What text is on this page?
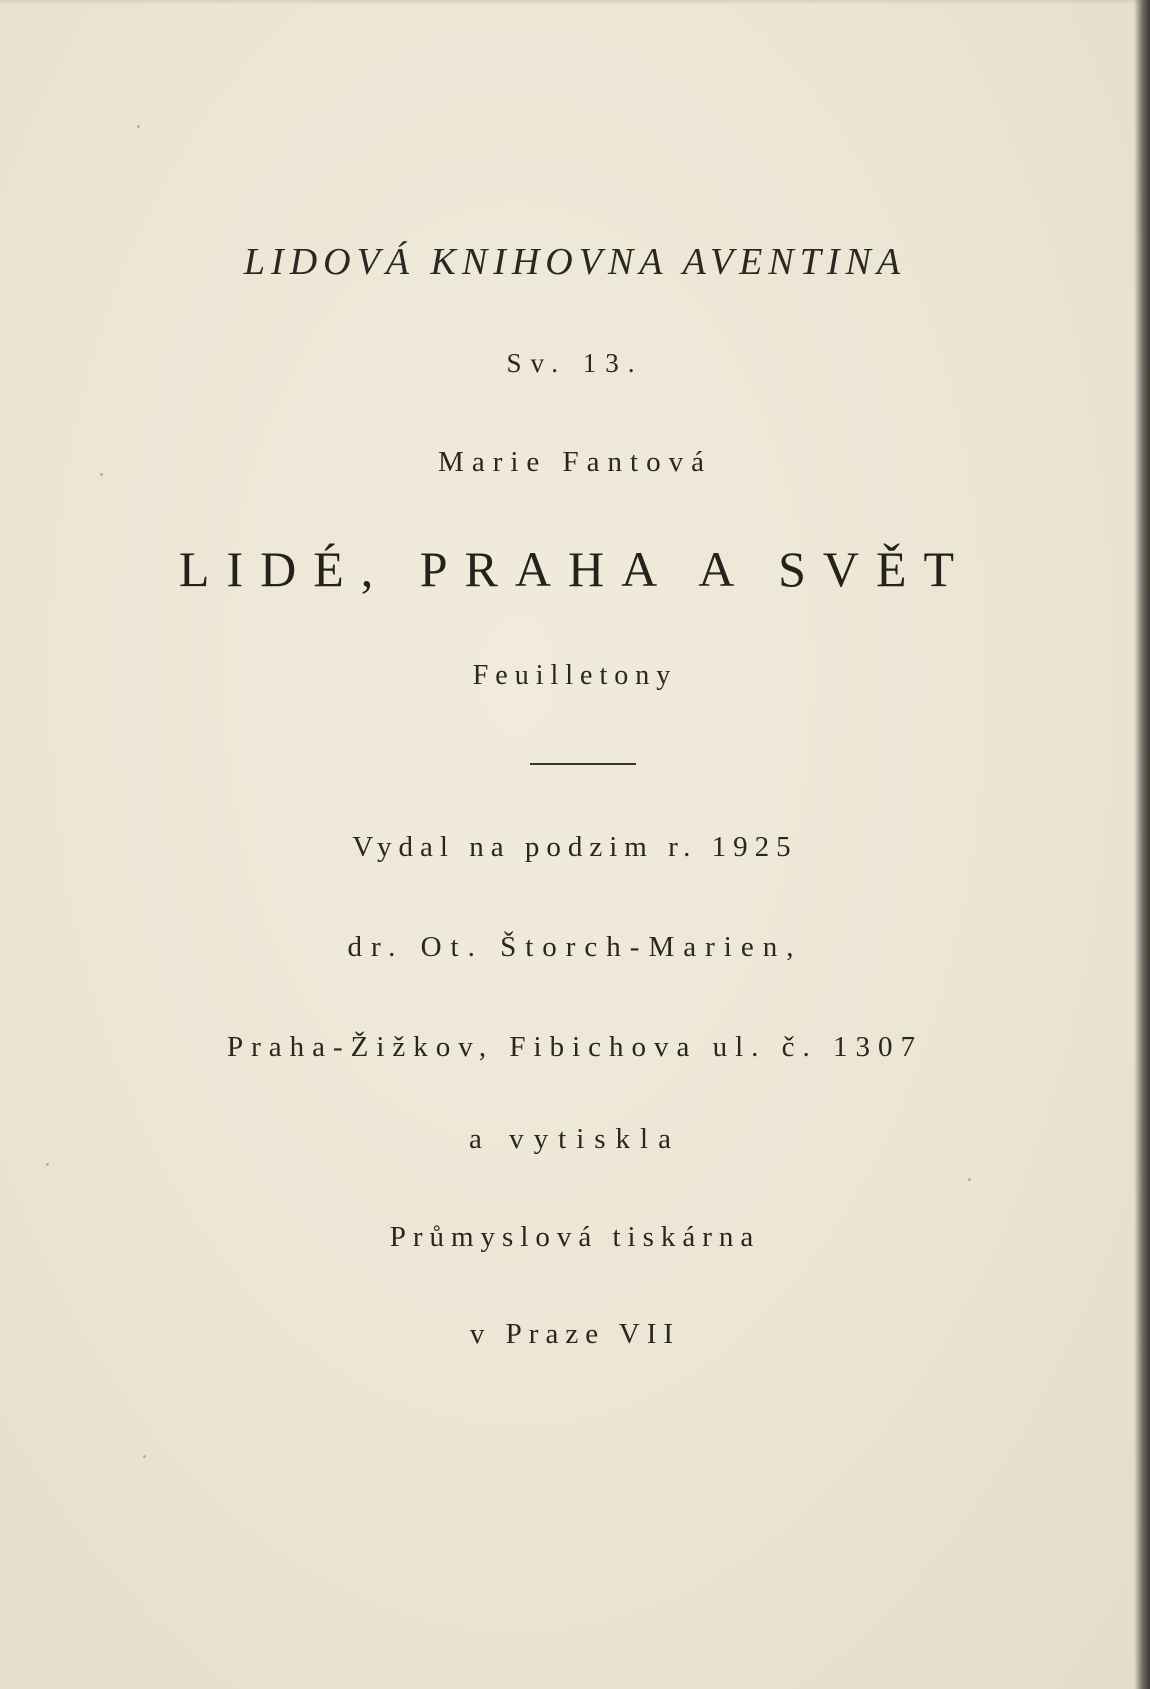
LIDOVÁ KNIHOVNA AVENTINA

Sv. 13.

Marie Fantová

LIDÉ, PRAHA A SVĚT

Feuilletony

Vydal na podzim r. 1925

dr. Ot. Štorch-Marien,

Praha-Žižkov, Fibichova ul. č. 1307

a vytiskla

Průmyslová tiskárna

v Praze VII
